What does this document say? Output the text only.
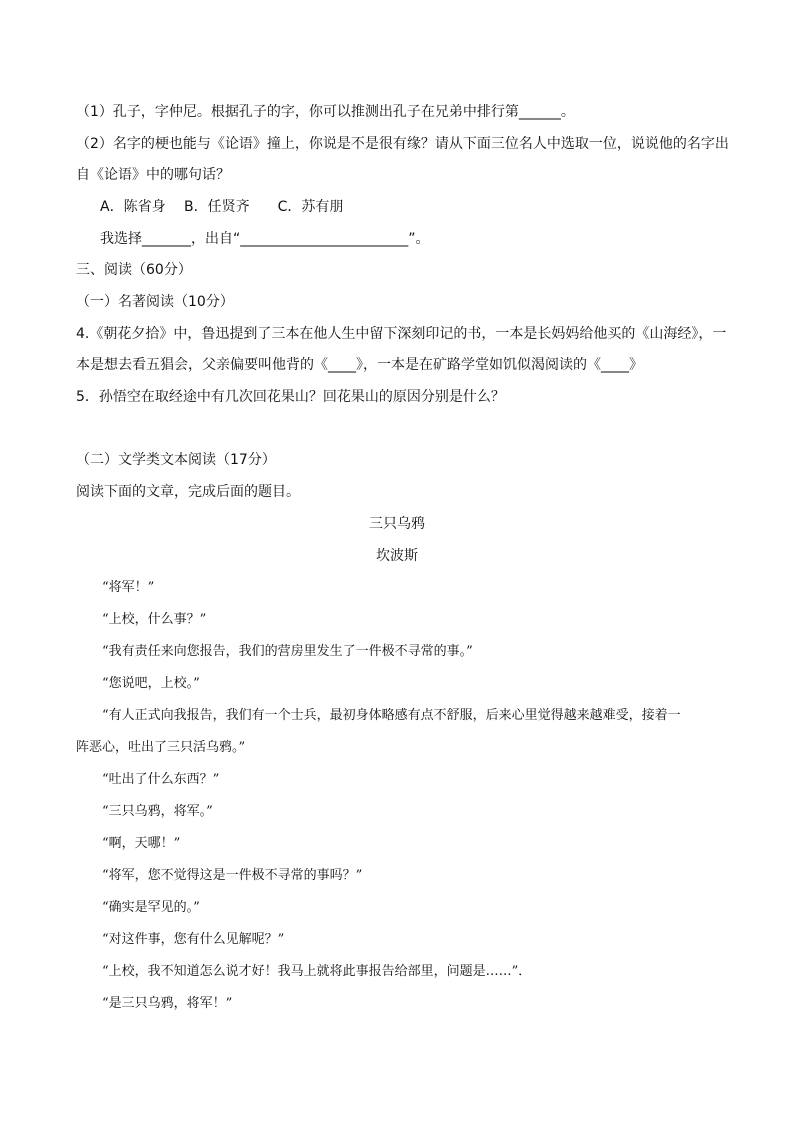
（1）孔子，字仲尼。根据孔子的字，你可以推测出孔子在兄弟中排行第______。
（2）名字的梗也能与《论语》撞上，你说是不是很有缘？请从下面三位名人中选取一位，说说他的名字出
自《论语》中的哪句话？
A．陈省身　 B．任贤齐　　C．苏有朋
我选择_______，出自“________________________”。
三、阅读（60分）
（一）名著阅读（10分）
4.《朝花夕拾》中，鲁迅提到了三本在他人生中留下深刻印记的书，一本是长妈妈给他买的《山海经》，一
本是想去看五猖会，父亲偏要叫他背的《____》，一本是在矿路学堂如饥似渴阅读的《____》
5．孙悟空在取经途中有几次回花果山？回花果山的原因分别是什么？
（二）文学类文本阅读（17分）
阅读下面的文章，完成后面的题目。
三只乌鸦
坎波斯
“将军！”
“上校，什么事？”
“我有责任来向您报告，我们的营房里发生了一件极不寻常的事。”
“您说吧，上校。”
“有人正式向我报告，我们有一个士兵，最初身体略感有点不舒服，后来心里觉得越来越难受，接着一
阵恶心，吐出了三只活乌鸦。”
“吐出了什么东西？”
“三只乌鸦，将军。”
“啊，天哪！”
“将军，您不觉得这是一件极不寻常的事吗？”
“确实是罕见的。”
“对这件事，您有什么见解呢？”
“上校，我不知道怎么说才好！我马上就将此事报告给部里，问题是……”．
“是三只乌鸦，将军！”
